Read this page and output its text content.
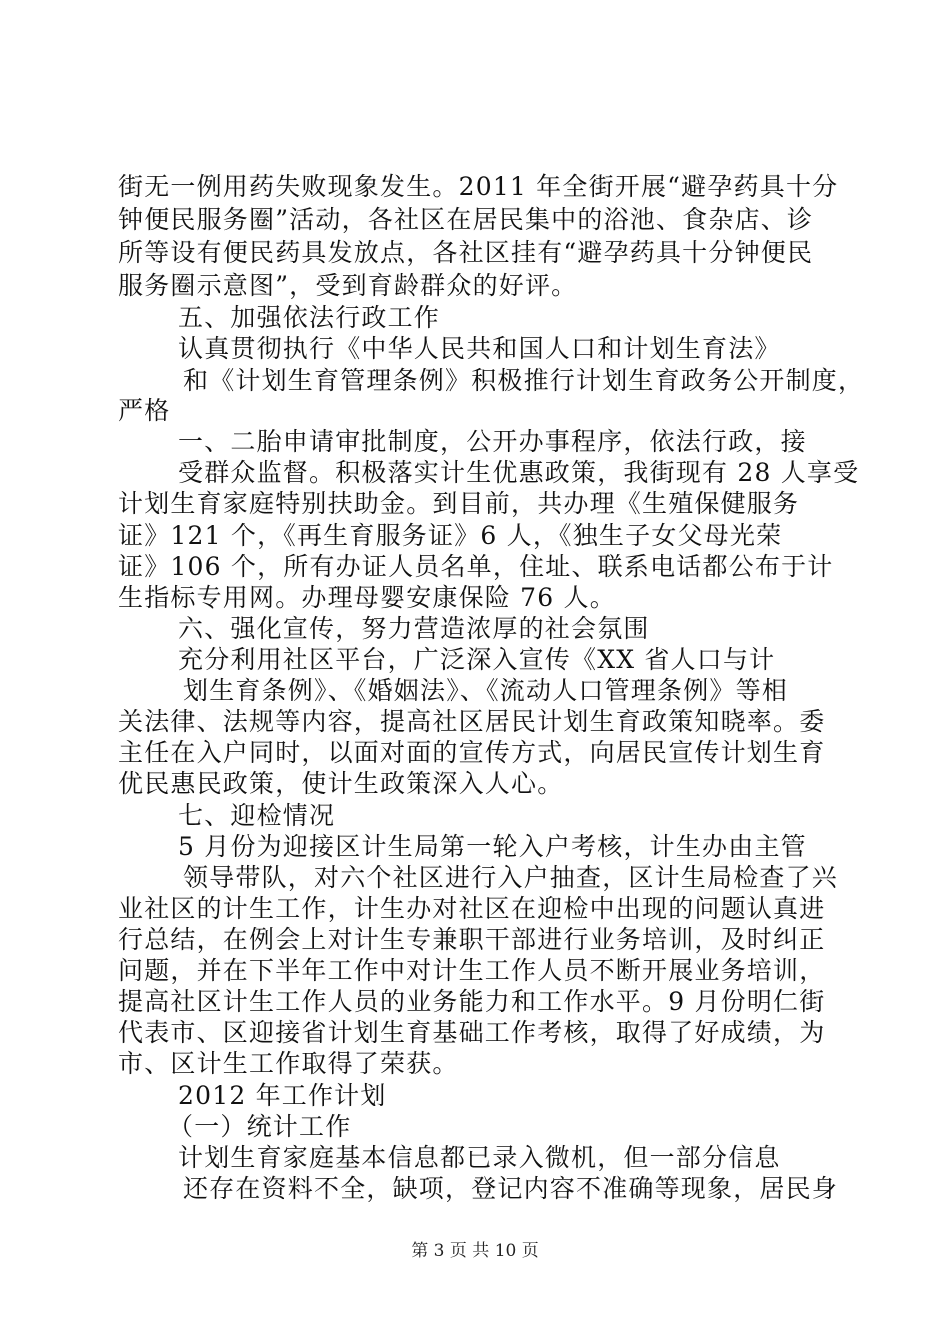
街无一例用药失败现象发生。2011 年全街开展“避孕药具十分
钟便民服务圈”活动，各社区在居民集中的浴池、食杂店、诊
所等设有便民药具发放点，各社区挂有“避孕药具十分钟便民
服务圈示意图”，受到育龄群众的好评。
五、加强依法行政工作
认真贯彻执行《中华人民共和国人口和计划生育法》
和《计划生育管理条例》积极推行计划生育政务公开制度，
严格
一、二胎申请审批制度，公开办事程序，依法行政，接
受群众监督。积极落实计生优惠政策，我街现有 28 人享受
计划生育家庭特别扶助金。到目前，共办理《生殖保健服务
证》121 个，《再生育服务证》6 人，《独生子女父母光荣
证》106 个，所有办证人员名单，住址、联系电话都公布于计
生指标专用网。办理母婴安康保险 76 人。
六、强化宣传，努力营造浓厚的社会氛围
充分利用社区平台，广泛深入宣传《XX 省人口与计
划生育条例》、《婚姻法》、《流动人口管理条例》等相
关法律、法规等内容，提高社区居民计划生育政策知晓率。委
主任在入户同时，以面对面的宣传方式，向居民宣传计划生育
优民惠民政策，使计生政策深入人心。
七、迎检情况
5 月份为迎接区计生局第一轮入户考核，计生办由主管
领导带队，对六个社区进行入户抽查，区计生局检查了兴
业社区的计生工作，计生办对社区在迎检中出现的问题认真进
行总结，在例会上对计生专兼职干部进行业务培训，及时纠正
问题，并在下半年工作中对计生工作人员不断开展业务培训，
提高社区计生工作人员的业务能力和工作水平。9 月份明仁街
代表市、区迎接省计划生育基础工作考核，取得了好成绩，为
市、区计生工作取得了荣获。
2012 年工作计划
（一）统计工作
计划生育家庭基本信息都已录入微机，但一部分信息
还存在资料不全，缺项，登记内容不准确等现象，居民身
第 3 页 共 10 页
